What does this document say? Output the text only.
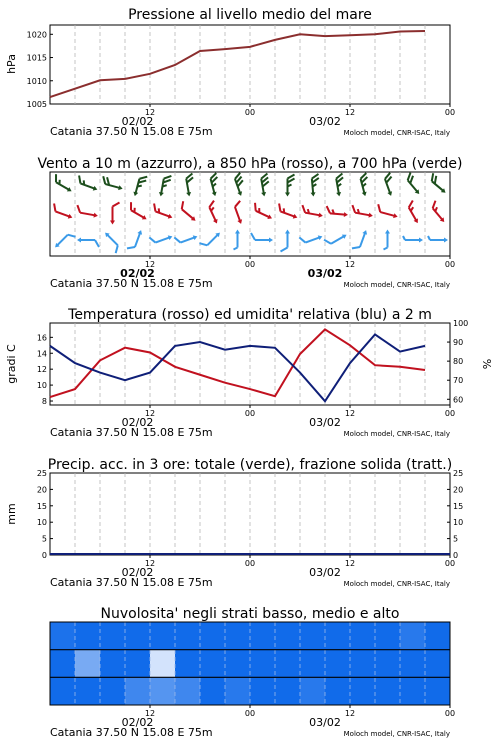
Pressione al livello medio del mare
1005
1010
1015
1020
hPa
12	00	12	00
02/02	03/02
Catania 37.50 N 15.08 E 75m	Moloch model, CNR-ISAC, Italy
Vento a 10 m (azzurro), a 850 hPa (rosso), a 700 hPa (verde)
12	00	12	00
02/02	03/02
Catania 37.50 N 15.08 E 75m	Moloch model, CNR-ISAC, Italy
Temperatura (rosso) ed umidita' relativa (blu) a 2 m
8
10
12
14
16
60
70
80
90
100
gradi C	%
12	00	12	00
02/02	03/02
Catania 37.50 N 15.08 E 75m	Moloch model, CNR-ISAC, Italy
Precip. acc. in 3 ore: totale (verde), frazione solida (tratt.)
0
5
10
15
20
25
0
5
10
15
20
25
mm
12	00	12	00
02/02	03/02
Catania 37.50 N 15.08 E 75m	Moloch model, CNR-ISAC, Italy
Nuvolosita' negli strati basso, medio e alto
12	00	12	00
02/02	03/02
Catania 37.50 N 15.08 E 75m	Moloch model, CNR-ISAC, Italy
